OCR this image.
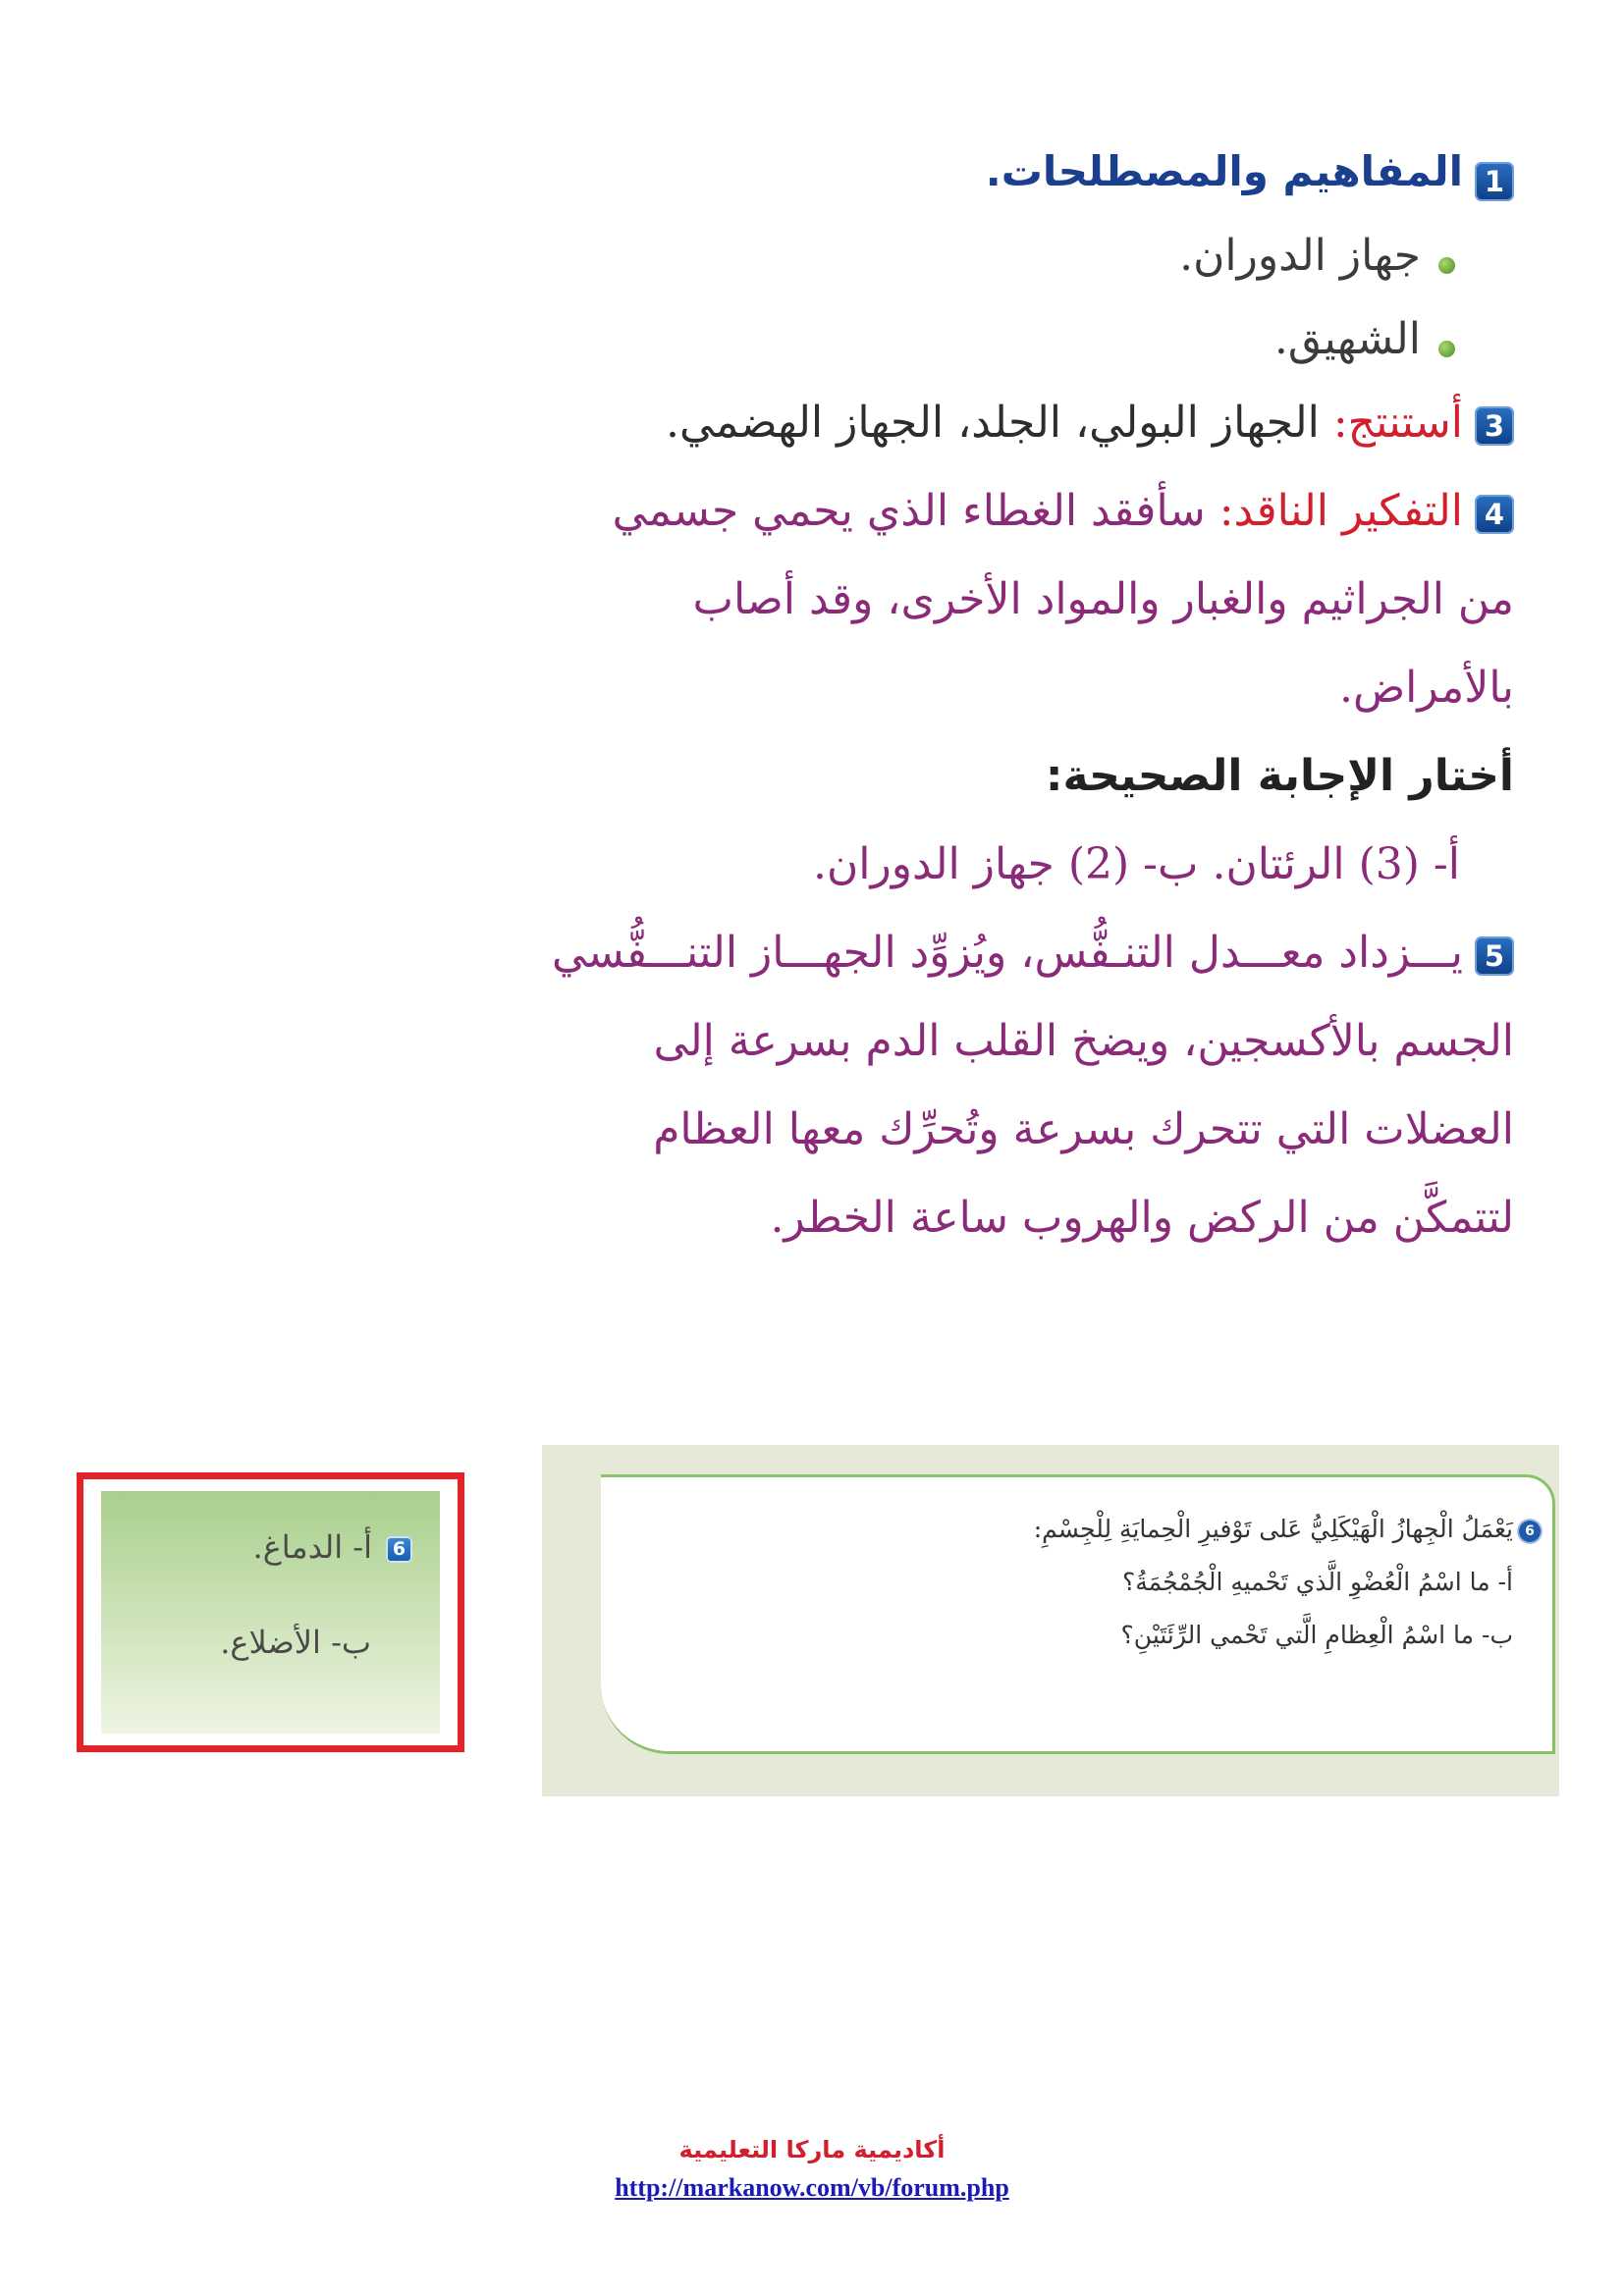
1المفاهيم والمصطلحات.
جهاز الدوران.
الشهيق.
3أستنتج: الجهاز البولي، الجلد، الجهاز الهضمي.
4التفكير الناقد: سأفقد الغطاء الذي يحمي جسمي
من الجراثيم والغبار والمواد الأخرى، وقد أصاب
بالأمراض.
أختار الإجابة الصحيحة:
أ- (3) الرئتان. ب- (2) جهاز الدوران.
5يـــزداد معـــدل التنـفُّس، ويُزوِّد الجهـــاز التنـــفُّسي
الجسم بالأكسجين، ويضخ القلب الدم بسرعة إلى
العضلات التي تتحرك بسرعة وتُحرِّك معها العظام
لتتمكَّن من الركض والهروب ساعة الخطر.
6أ- الدماغ.
ب- الأضلاع.
6يَعْمَلُ الْجِهازُ الْهَيْكَلِيُّ عَلى تَوْفيرِ الْحِمايَةِ لِلْجِسْمِ:
أ- ما اسْمُ الْعُضْوِ الَّذي تَحْميهِ الْجُمْجُمَةُ؟
ب- ما اسْمُ الْعِظامِ الَّتي تَحْمي الرِّئَتَيْنِ؟
أكاديمية ماركا التعليمية
http://markanow.com/vb/forum.php
